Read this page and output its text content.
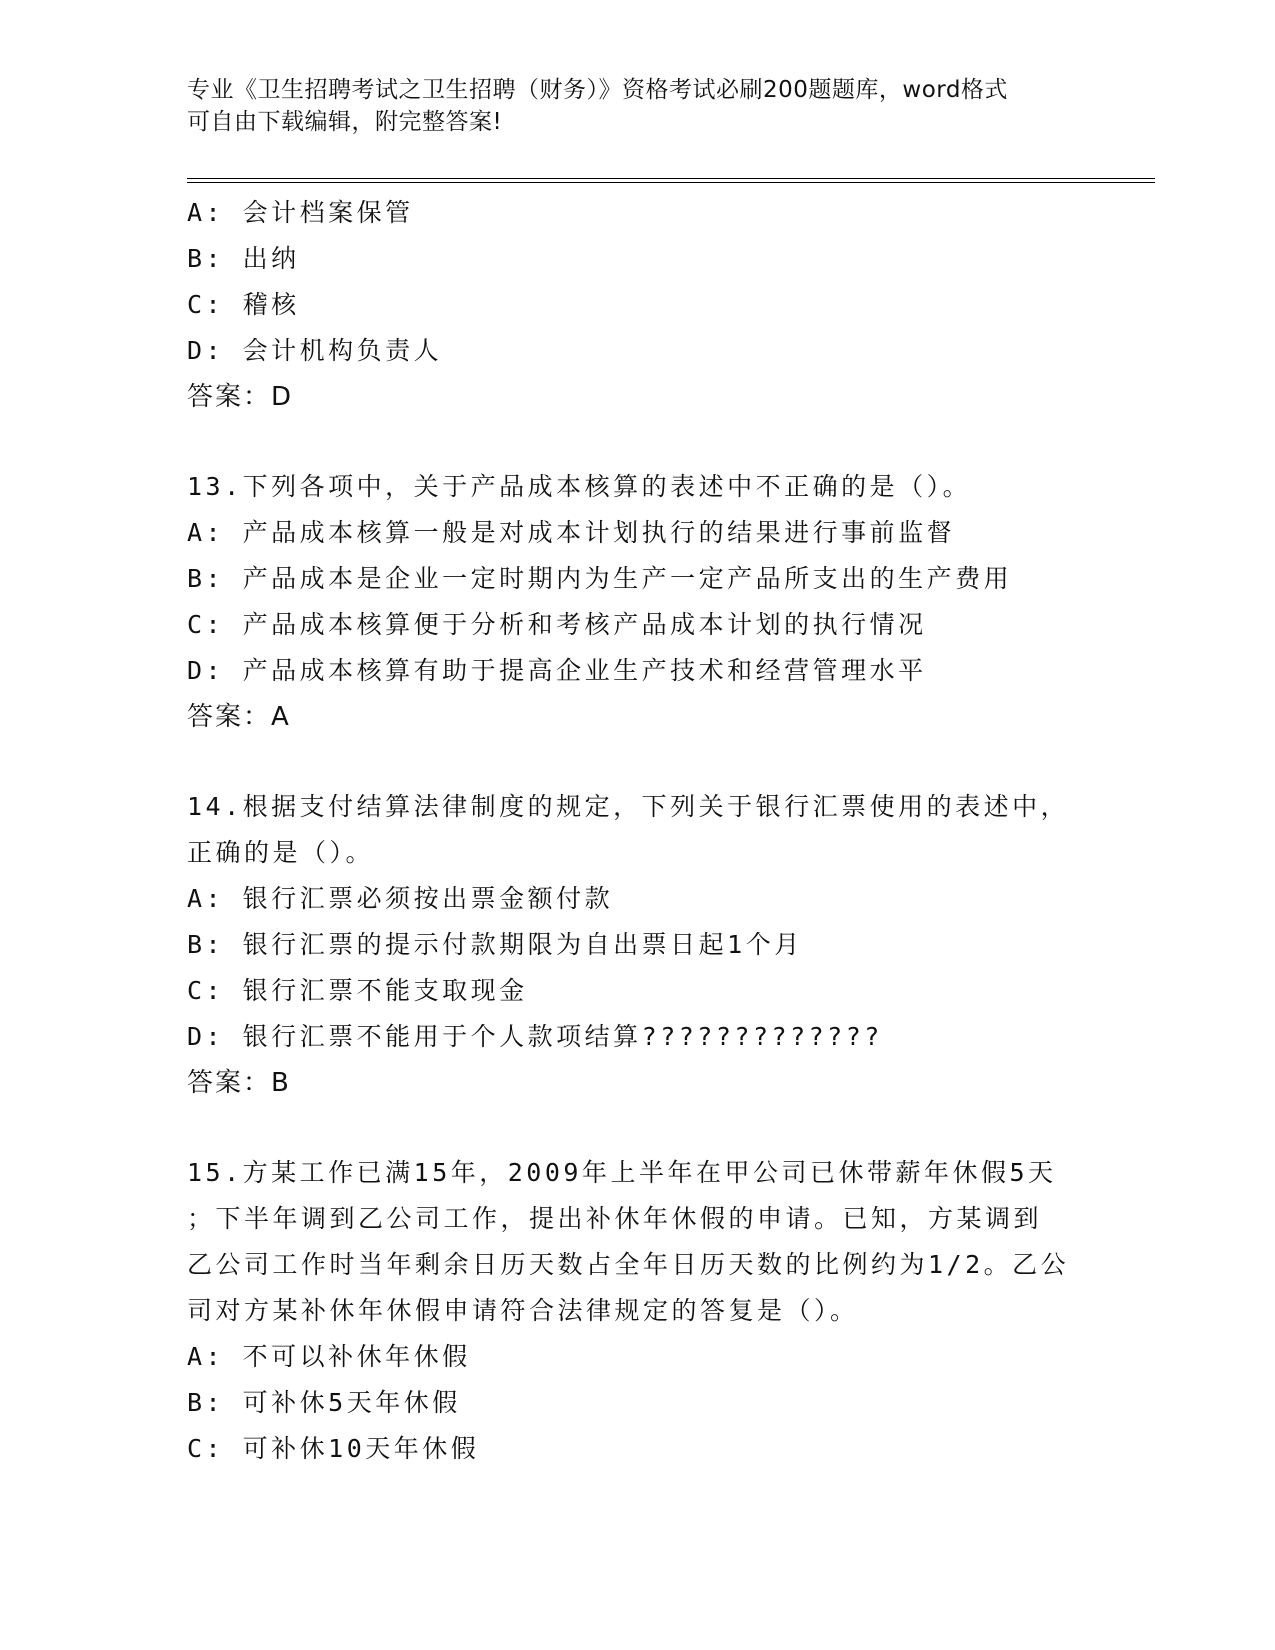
专业《卫生招聘考试之卫生招聘（财务）》资格考试必刷200题题库，word格式
可自由下载编辑，附完整答案!
A: 会计档案保管
B: 出纳
C: 稽核
D: 会计机构负责人
答案：D
13.下列各项中，关于产品成本核算的表述中不正确的是（）。
A: 产品成本核算一般是对成本计划执行的结果进行事前监督
B: 产品成本是企业一定时期内为生产一定产品所支出的生产费用
C: 产品成本核算便于分析和考核产品成本计划的执行情况
D: 产品成本核算有助于提高企业生产技术和经营管理水平
答案：A
14.根据支付结算法律制度的规定，下列关于银行汇票使用的表述中，
正确的是（）。
A: 银行汇票必须按出票金额付款
B: 银行汇票的提示付款期限为自出票日起1个月
C: 银行汇票不能支取现金
D: 银行汇票不能用于个人款项结算?????????????
答案：B
15.方某工作已满15年，2009年上半年在甲公司已休带薪年休假5天
；下半年调到乙公司工作，提出补休年休假的申请。已知，方某调到
乙公司工作时当年剩余日历天数占全年日历天数的比例约为1/2。乙公
司对方某补休年休假申请符合法律规定的答复是（）。
A: 不可以补休年休假
B: 可补休5天年休假
C: 可补休10天年休假
